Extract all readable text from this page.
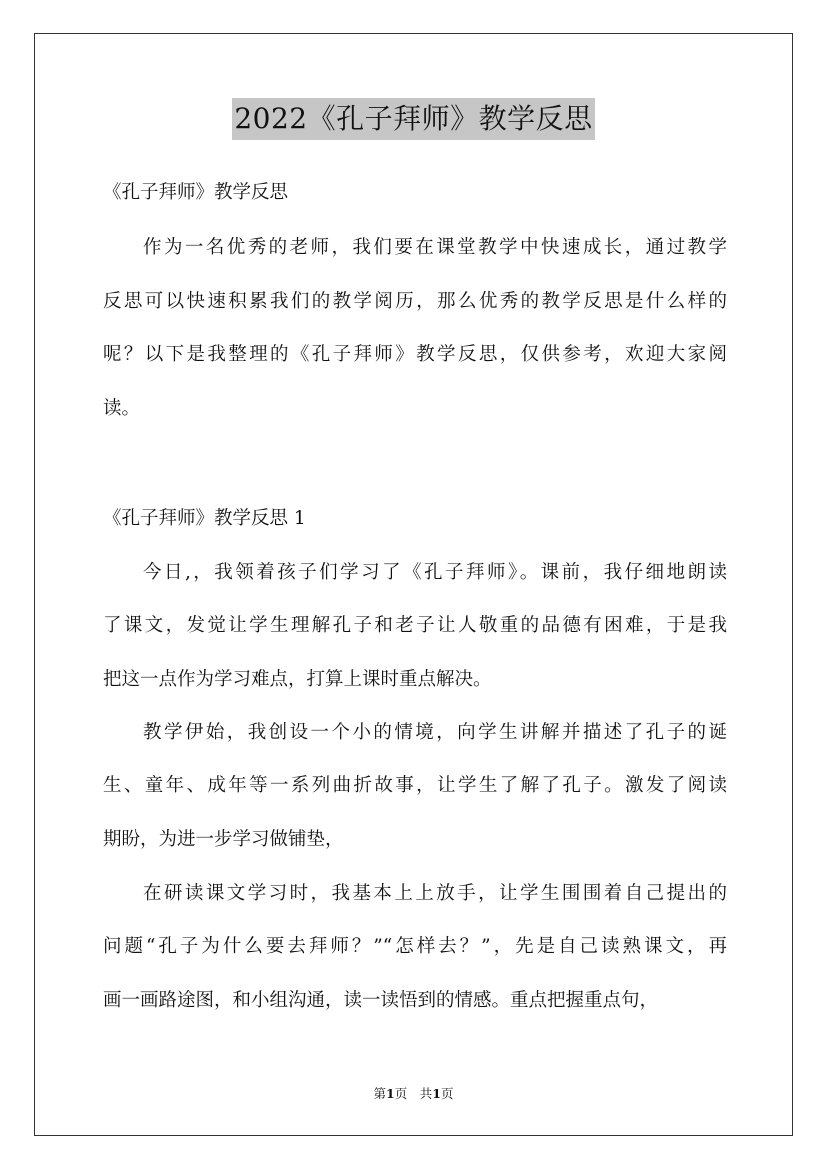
2022《孔子拜师》教学反思
《孔子拜师》教学反思
作为一名优秀的老师，我们要在课堂教学中快速成长，通过教学
反思可以快速积累我们的教学阅历，那么优秀的教学反思是什么样的
呢？以下是我整理的《孔子拜师》教学反思，仅供参考，欢迎大家阅
读。
《孔子拜师》教学反思 1
今日,，我领着孩子们学习了《孔子拜师》。课前，我仔细地朗读
了课文，发觉让学生理解孔子和老子让人敬重的品德有困难，于是我
把这一点作为学习难点，打算上课时重点解决。
教学伊始，我创设一个小的情境，向学生讲解并描述了孔子的诞
生、童年、成年等一系列曲折故事，让学生了解了孔子。激发了阅读
期盼，为进一步学习做铺垫，
在研读课文学习时，我基本上上放手，让学生围围着自己提出的
问题“孔子为什么要去拜师？”“怎样去？”，先是自己读熟课文，再
画一画路途图，和小组沟通，读一读悟到的情感。重点把握重点句，
第1页　共1页
